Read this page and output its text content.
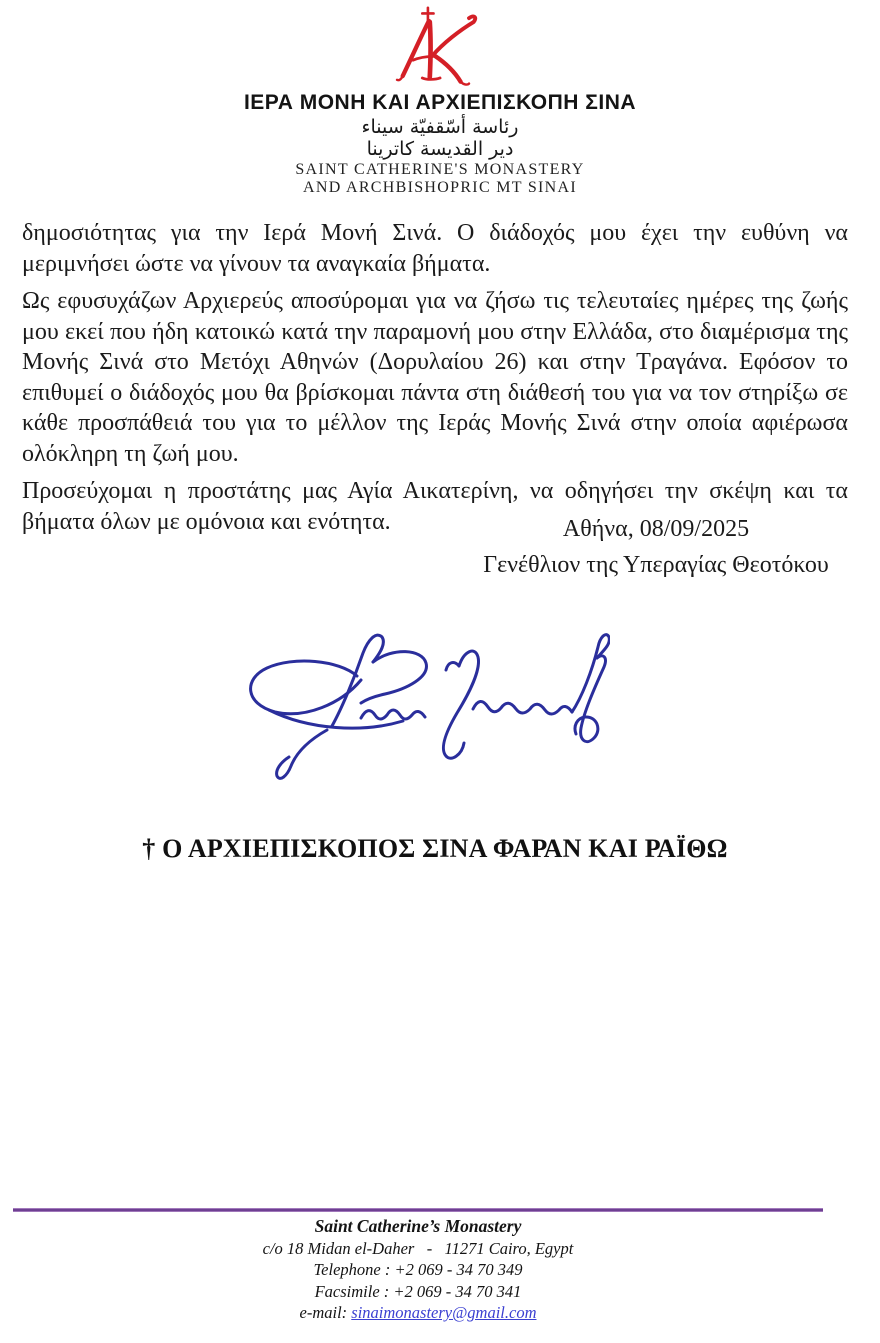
ΙΕΡΑ ΜΟΝΗ ΚΑΙ ΑΡΧΙΕΠΙΣΚΟΠΗ ΣΙΝΑ
رئاسة أسّقفيّة سيناء
دير القديسة كاترينا
SAINT CATHERINE'S MONASTERY
AND ARCHBISHOPRIC MT SINAI

δημοσιότητας για την Ιερά Μονή Σινά. Ο διάδοχός μου έχει την ευθύνη να μεριμνήσει ώστε να γίνουν τα αναγκαία βήματα.

Ως εφυσυχάζων Αρχιερεύς αποσύρομαι για να ζήσω τις τελευταίες ημέρες της ζωής μου εκεί που ήδη κατοικώ κατά την παραμονή μου στην Ελλάδα, στο διαμέρισμα της Μονής Σινά στο Μετόχι Αθηνών (Δορυλαίου 26) και στην Τραγάνα. Εφόσον το επιθυμεί ο διάδοχός μου θα βρίσκομαι πάντα στη διάθεσή του για να τον στηρίξω σε κάθε προσπάθειά του για το μέλλον της Ιεράς Μονής Σινά στην οποία αφιέρωσα ολόκληρη τη ζωή μου.

Προσεύχομαι η προστάτης μας Αγία Αικατερίνη, να οδηγήσει την σκέψη και τα βήματα όλων με ομόνοια και ενότητα.	Αθήνα, 08/09/2025
Γενέθλιον της Υπεραγίας Θεοτόκου
† Ο ΑΡΧΙΕΠΙΣΚΟΠΟΣ ΣΙΝΑ ΦΑΡΑΝ ΚΑΙ ΡΑΪΘΩ
Saint Catherine’s Monastery
c/o 18 Midan el-Daher  -  11271 Cairo, Egypt
Telephone : +2 069 - 34 70 349
Facsimile : +2 069 - 34 70 341
e-mail: sinaimonastery@gmail.com
